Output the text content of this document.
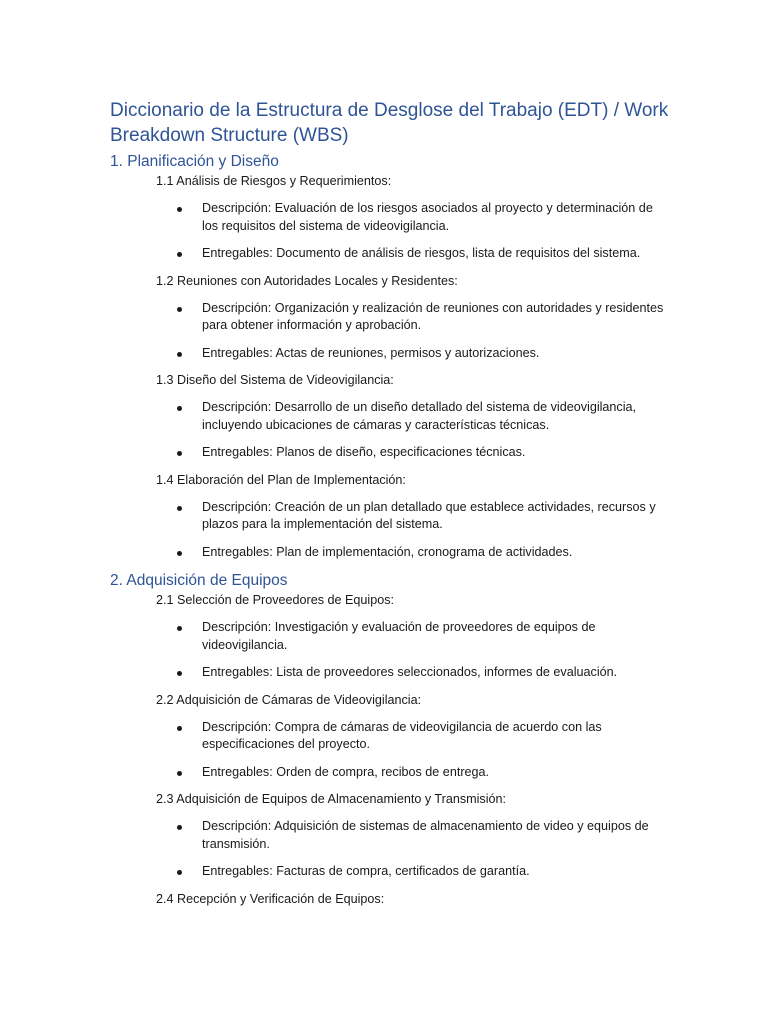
Diccionario de la Estructura de Desglose del Trabajo (EDT) / Work Breakdown Structure (WBS)
1. Planificación y Diseño

1.1 Análisis de Riesgos y Requerimientos:

Descripción: Evaluación de los riesgos asociados al proyecto y determinación de los requisitos del sistema de videovigilancia.
Entregables: Documento de análisis de riesgos, lista de requisitos del sistema.

1.2 Reuniones con Autoridades Locales y Residentes:

Descripción: Organización y realización de reuniones con autoridades y residentes para obtener información y aprobación.
Entregables: Actas de reuniones, permisos y autorizaciones.

1.3 Diseño del Sistema de Videovigilancia:

Descripción: Desarrollo de un diseño detallado del sistema de videovigilancia, incluyendo ubicaciones de cámaras y características técnicas.
Entregables: Planos de diseño, especificaciones técnicas.

1.4 Elaboración del Plan de Implementación:

Descripción: Creación de un plan detallado que establece actividades, recursos y plazos para la implementación del sistema.
Entregables: Plan de implementación, cronograma de actividades.
2. Adquisición de Equipos

2.1 Selección de Proveedores de Equipos:

Descripción: Investigación y evaluación de proveedores de equipos de videovigilancia.
Entregables: Lista de proveedores seleccionados, informes de evaluación.

2.2 Adquisición de Cámaras de Videovigilancia:

Descripción: Compra de cámaras de videovigilancia de acuerdo con las especificaciones del proyecto.
Entregables: Orden de compra, recibos de entrega.

2.3 Adquisición de Equipos de Almacenamiento y Transmisión:

Descripción: Adquisición de sistemas de almacenamiento de video y equipos de transmisión.
Entregables: Facturas de compra, certificados de garantía.

2.4 Recepción y Verificación de Equipos:
